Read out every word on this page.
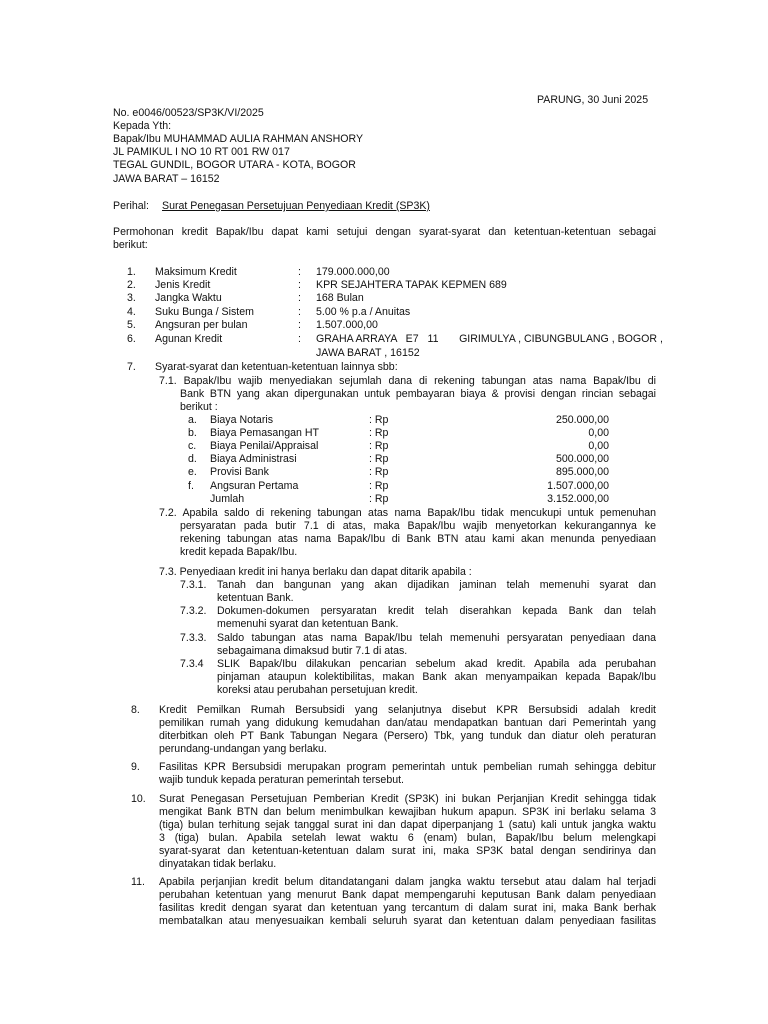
PARUNG, 30 Juni 2025
No. e0046/00523/SP3K/VI/2025
Kepada Yth:
Bapak/Ibu MUHAMMAD AULIA RAHMAN ANSHORY
JL PAMIKUL I NO 10 RT 001 RW 017
TEGAL GUNDIL, BOGOR UTARA - KOTA, BOGOR
JAWA BARAT – 16152
Perihal: Surat Penegasan Persetujuan Penyediaan Kredit (SP3K)
Permohonan kredit Bapak/Ibu dapat kami setujui dengan syarat-syarat dan ketentuan-ketentuan sebagai
berikut:
1. Maksimum Kredit	: 179.000.000,00
2. Jenis Kredit	: KPR SEJAHTERA TAPAK KEPMEN 689
3. Jangka Waktu	: 168 Bulan
4. Suku Bunga / Sistem	: 5.00 % p.a / Anuitas
5. Angsuran per bulan	: 1.507.000,00
6. Agunan Kredit	: GRAHA ARRAYA   E7   11       GIRIMULYA , CIBUNGBULANG , BOGOR ,
JAWA BARAT , 16152
7. Syarat-syarat dan ketentuan-ketentuan lainnya sbb:
7.1. Bapak/Ibu wajib menyediakan sejumlah dana di rekening tabungan atas nama Bapak/Ibu di
Bank BTN yang akan dipergunakan untuk pembayaran biaya & provisi dengan rincian sebagai
berikut :
a. Biaya Notaris	: Rp	250.000,00
b. Biaya Pemasangan HT	: Rp	0,00
c. Biaya Penilai/Appraisal	: Rp	0,00
d. Biaya Administrasi	: Rp	500.000,00
e. Provisi Bank	: Rp	895.000,00
f. Angsuran Pertama	: Rp	1.507.000,00
Jumlah	: Rp	3.152.000,00
7.2. Apabila saldo di rekening tabungan atas nama Bapak/Ibu tidak mencukupi untuk pemenuhan
persyaratan pada butir 7.1 di atas, maka Bapak/Ibu wajib menyetorkan kekurangannya ke
rekening tabungan atas nama Bapak/Ibu di Bank BTN atau kami akan menunda penyediaan
kredit kepada Bapak/Ibu.
7.3. Penyediaan kredit ini hanya berlaku dan dapat ditarik apabila :
7.3.1. Tanah dan bangunan yang akan dijadikan jaminan telah memenuhi syarat dan
ketentuan Bank.
7.3.2. Dokumen-dokumen persyaratan kredit telah diserahkan kepada Bank dan telah
memenuhi syarat dan ketentuan Bank.
7.3.3. Saldo tabungan atas nama Bapak/Ibu telah memenuhi persyaratan penyediaan dana
sebagaimana dimaksud butir 7.1 di atas.
7.3.4 SLIK Bapak/Ibu dilakukan pencarian sebelum akad kredit. Apabila ada perubahan
pinjaman ataupun kolektibilitas, makan Bank akan menyampaikan kepada Bapak/Ibu
koreksi atau perubahan persetujuan kredit.
8. Kredit Pemilkan Rumah Bersubsidi yang selanjutnya disebut KPR Bersubsidi adalah kredit
pemilikan rumah yang didukung kemudahan dan/atau mendapatkan bantuan dari Pemerintah yang
diterbitkan oleh PT Bank Tabungan Negara (Persero) Tbk, yang tunduk dan diatur oleh peraturan
perundang-undangan yang berlaku.
9. Fasilitas KPR Bersubsidi merupakan program pemerintah untuk pembelian rumah sehingga debitur
wajib tunduk kepada peraturan pemerintah tersebut.
10. Surat Penegasan Persetujuan Pemberian Kredit (SP3K) ini bukan Perjanjian Kredit sehingga tidak
mengikat Bank BTN dan belum menimbulkan kewajiban hukum apapun. SP3K ini berlaku selama 3
(tiga) bulan terhitung sejak tanggal surat ini dan dapat diperpanjang 1 (satu) kali untuk jangka waktu
3 (tiga) bulan. Apabila setelah lewat waktu 6 (enam) bulan, Bapak/Ibu belum melengkapi
syarat-syarat dan ketentuan-ketentuan dalam surat ini, maka SP3K batal dengan sendirinya dan
dinyatakan tidak berlaku.
11. Apabila perjanjian kredit belum ditandatangani dalam jangka waktu tersebut atau dalam hal terjadi
perubahan ketentuan yang menurut Bank dapat mempengaruhi keputusan Bank dalam penyediaan
fasilitas kredit dengan syarat dan ketentuan yang tercantum di dalam surat ini, maka Bank berhak
membatalkan atau menyesuaikan kembali seluruh syarat dan ketentuan dalam penyediaan fasilitas
